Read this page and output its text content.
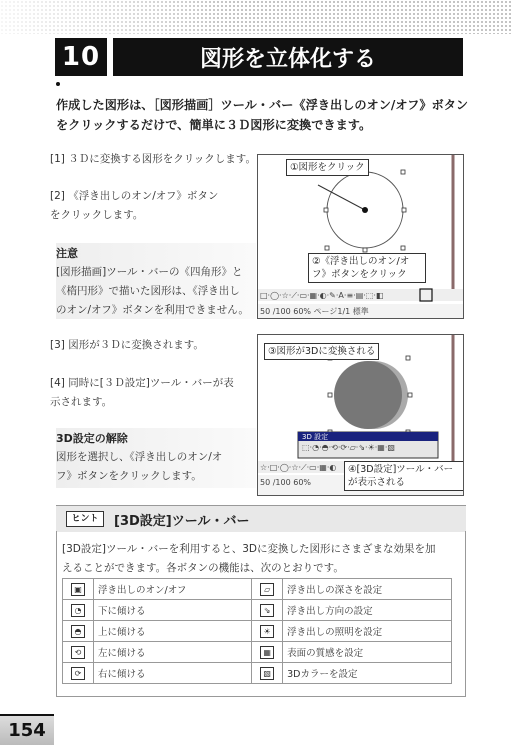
10	図形を立体化する
作成した図形は、［図形描画］ツール・バー《浮き出しのオン/オフ》ボタン
をクリックするだけで、簡単に３Ｄ図形に変換できます。
[1] ３Ｄに変換する図形をクリックします。
[2] 《浮き出しのオン/オフ》ボタン
をクリックします。
注意
[図形描画]ツール・バーの《四角形》と
《楕円形》で描いた図形は、《浮き出し
のオン/オフ》ボタンを利用できません。
[3] 図形が３Ｄに変換されます。
[4] 同時に[３Ｄ設定]ツール・バーが表
示されます。
3D設定の解除
図形を選択し、《浮き出しのオン/オ
フ》ボタンをクリックします。
①図形をクリック
②《浮き出しのオン/オ
フ》ボタンをクリック
□·◯·☆·⟋·▭·▦·◐·✎·A·≡·▤·⬚·◧
50 /100 60% ページ1/1 標準
③図形が3Dに変換される
3D 設定
⬚·◔·◓·⟲·⟳·▱·⇘·☀·▦·▧
☆·□·◯·☆·⟋·▭·▦·◐
50 /100 60%
④[3D設定]ツール・バー
が表示される
ヒント	[3D設定]ツール・バー
[3D設定]ツール・バーを利用すると、3Dに変換した図形にさまざまな効果を加
えることができます。各ボタンの機能は、次のとおりです。
▣	浮き出しのオン/オフ	▱	浮き出しの深さを設定
◔	下に傾ける	⇘	浮き出し方向の設定
◓	上に傾ける	☀	浮き出しの照明を設定
⟲	左に傾ける	▦	表面の質感を設定
⟳	右に傾ける	▧	3Dカラーを設定
154
